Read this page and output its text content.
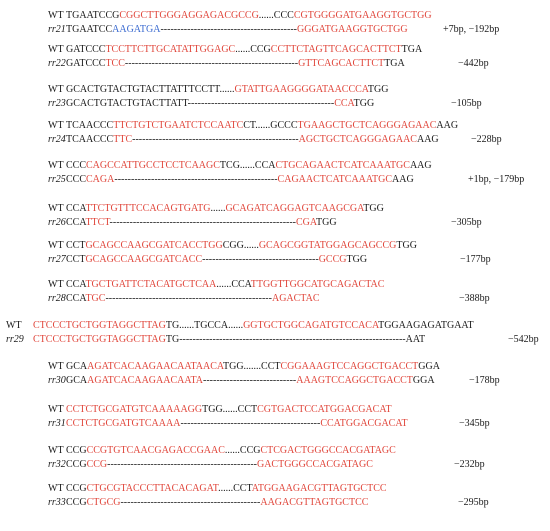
WT TGAATCCGCGGCTTGGGAGGAGACGCCG......CCCCGTGGGGATGAAGGTGCTGG
rr21 TGAATCCAAGATGA-----------------------------------------GGGATGAAGGTGCTGG	+7bp, −192bp
WT GATCCCTCCTTCTTGCATATTGGAGC......CCGCCTTCTAGTTCAGCACTTCTTGA
rr22 GATCCCTCC----------------------------------------------------GTTCAGCACTTCTTGA	−442bp
WT GCACTGTACTGTACTTATTTCCTT......GTATTGAAGGGGATAACCCATGG
rr23 GCACTGTACTGTACTTATT--------------------------------------------CCATGG	−105bp
WT TCAACCCTTCTGTCTGAATCTCCAATCCT......GCCCTGAAGCTGCTCAGGGAGAACAAG
rr24 TCAACCCTTC--------------------------------------------------AGCTGCTCAGGGAGAACAAG	−228bp
WT CCCCAGCCATTGCCTCCTCAAGCTCG......CCACTGCAGAACTCATCAAATGCAAG
rr25 CCCCAGA-------------------------------------------------CAGAACTCATCAAATGCAAG	+1bp, −179bp
WT CCATTCTGTTTCCACAGTGATG......GCAGATCAGGAGTCAAGCGATGG
rr26 CCATTCT--------------------------------------------------------CGATGG	−305bp
WT CCTGCAGCCAAGCGATCACCTGGCGG......GCAGCGGTATGGAGCAGCCGTGG
rr27 CCTGCAGCCAAGCGATCACC-----------------------------------GCCGTGG	−177bp
WT CCATGCTGATTCTACATGCTCAA......CCATTGGTTGGCATGCAGACTAC
rr28 CCATGC--------------------------------------------------AGACTAC	−388bp
WT CTCCCTGCTGGTAGGCTTAGTG......TGCCA......GGTGCTGGCAGATGTCCACATGGAAGAGATGAAT
rr29 CTCCCTGCTGGTAGGCTTAGTG--------------------------------------------------------------------AAT	−542bp
WT GCAAGATCACAAGAACAATAACATGG.......CCTCGGAAAGTCCAGGCTGACCTGGA
rr30 GCAAGATCACAAGAACAATA----------------------------AAAGTCCAGGCTGACCTGGA	−178bp
WT CCTCTGCGATGTCAAAAAGGTGG......CCTCGTGACTCCATGGACGACAT
rr31 CCTCTGCGATGTCAAAA------------------------------------------CCATGGACGACAT	−345bp
WT CCGCCGTGTCAACGAGACCGAAC......CCGCTCGACTGGGCCACGATAGC
rr32 CCGCCG---------------------------------------------GACTGGGCCACGATAGC	−232bp
WT CCGCTGCGTACCCTTACACAGAT......CCTATGGAAGACGTTAGTGCTCC
rr33 CCGCTGCG------------------------------------------AAGACGTTAGTGCTCC	−295bp
